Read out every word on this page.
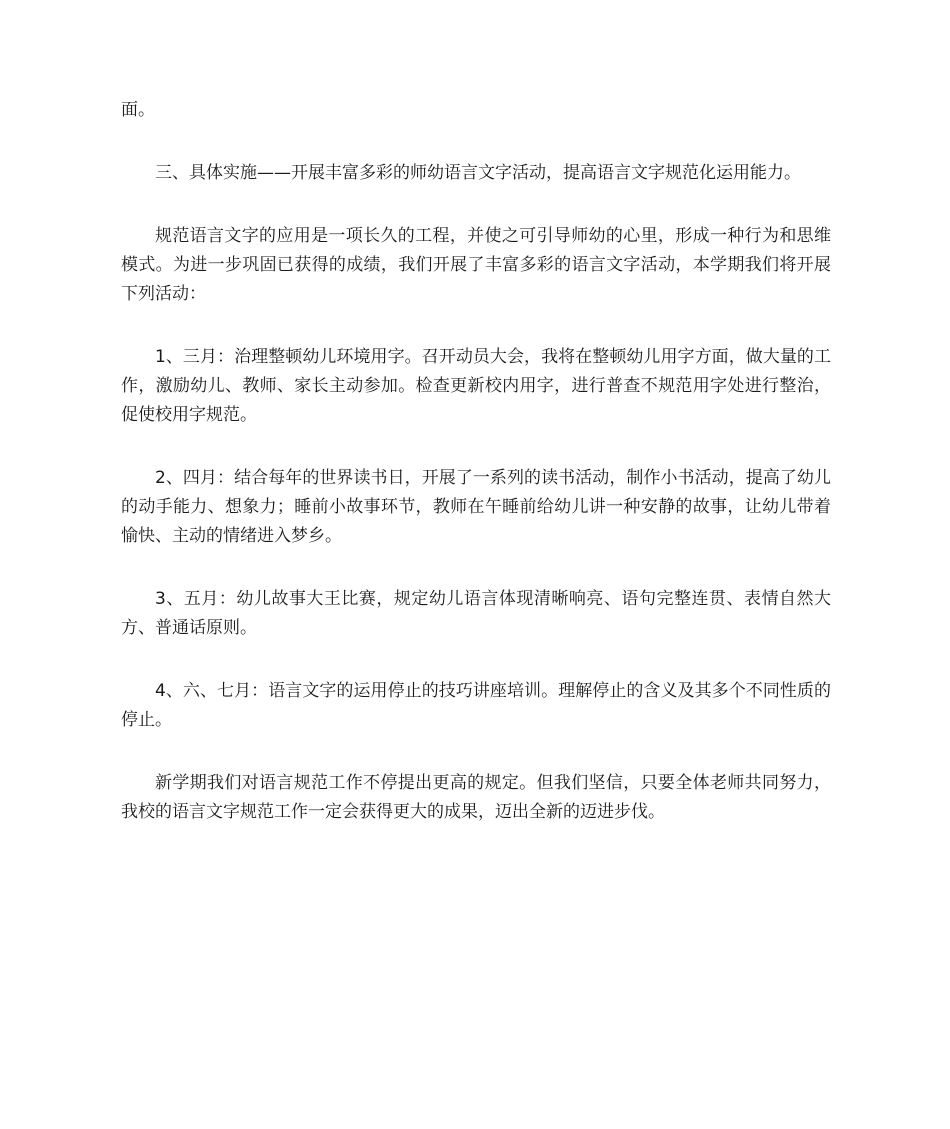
面。

三、具体实施——开展丰富多彩的师幼语言文字活动，提高语言文字规范化运用能力。

规范语言文字的应用是一项长久的工程，并使之可引导师幼的心里，形成一种行为和思维模式。为进一步巩固已获得的成绩，我们开展了丰富多彩的语言文字活动，本学期我们将开展下列活动：

1、三月：治理整顿幼儿环境用字。召开动员大会，我将在整顿幼儿用字方面，做大量的工作，激励幼儿、教师、家长主动参加。检查更新校内用字，进行普查不规范用字处进行整治，促使校用字规范。

2、四月：结合每年的世界读书日，开展了一系列的读书活动，制作小书活动，提高了幼儿的动手能力、想象力；睡前小故事环节，教师在午睡前给幼儿讲一种安静的故事，让幼儿带着愉快、主动的情绪进入梦乡。

3、五月：幼儿故事大王比赛，规定幼儿语言体现清晰响亮、语句完整连贯、表情自然大方、普通话原则。

4、六、七月：语言文字的运用停止的技巧讲座培训。理解停止的含义及其多个不同性质的停止。

新学期我们对语言规范工作不停提出更高的规定。但我们坚信，只要全体老师共同努力，我校的语言文字规范工作一定会获得更大的成果，迈出全新的迈进步伐。
